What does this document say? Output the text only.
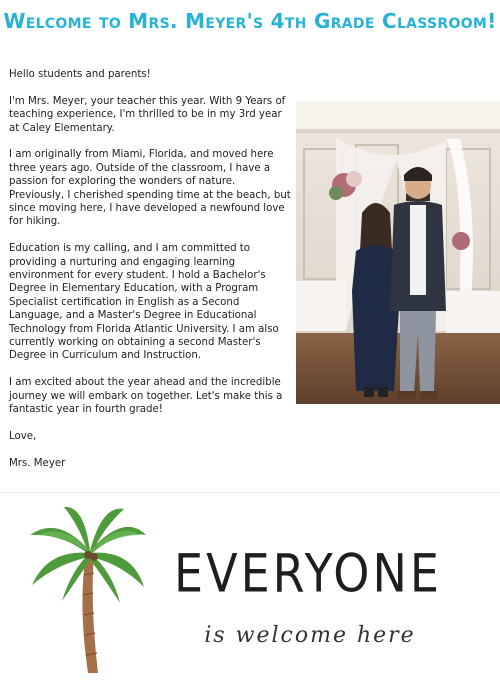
Welcome to Mrs. Meyer's 4th Grade Classroom!

Hello students and parents!

I'm Mrs. Meyer, your teacher this year. With 9 Years of teaching experience, I'm thrilled to be in my 3rd year at Caley Elementary.

I am originally from Miami, Florida, and moved here three years ago. Outside of the classroom, I have a passion for exploring the wonders of nature. Previously, I cherished spending time at the beach, but since moving here, I have developed a newfound love for hiking.

Education is my calling, and I am committed to providing a nurturing and engaging learning environment for every student. I hold a Bachelor's Degree in Elementary Education, with a Program Specialist certification in English as a Second Language, and a Master's Degree in Educational Technology from Florida Atlantic University. I am also currently working on obtaining a second Master's Degree in Curriculum and Instruction.

I am excited about the year ahead and the incredible journey we will embark on together. Let's make this a fantastic year in fourth grade!

Love,

Mrs. Meyer

EVERYONE
is welcome here
